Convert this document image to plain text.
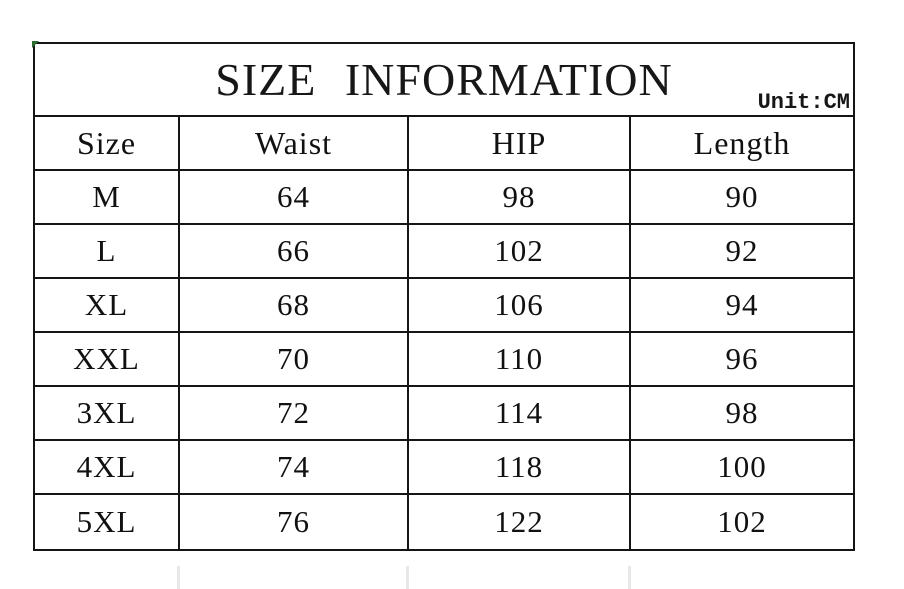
SIZE INFORMATION	Unit:CM
Size	Waist	HIP	Length
M	64	98	90
L	66	102	92
XL	68	106	94
XXL	70	110	96
3XL	72	114	98
4XL	74	118	100
5XL	76	122	102
